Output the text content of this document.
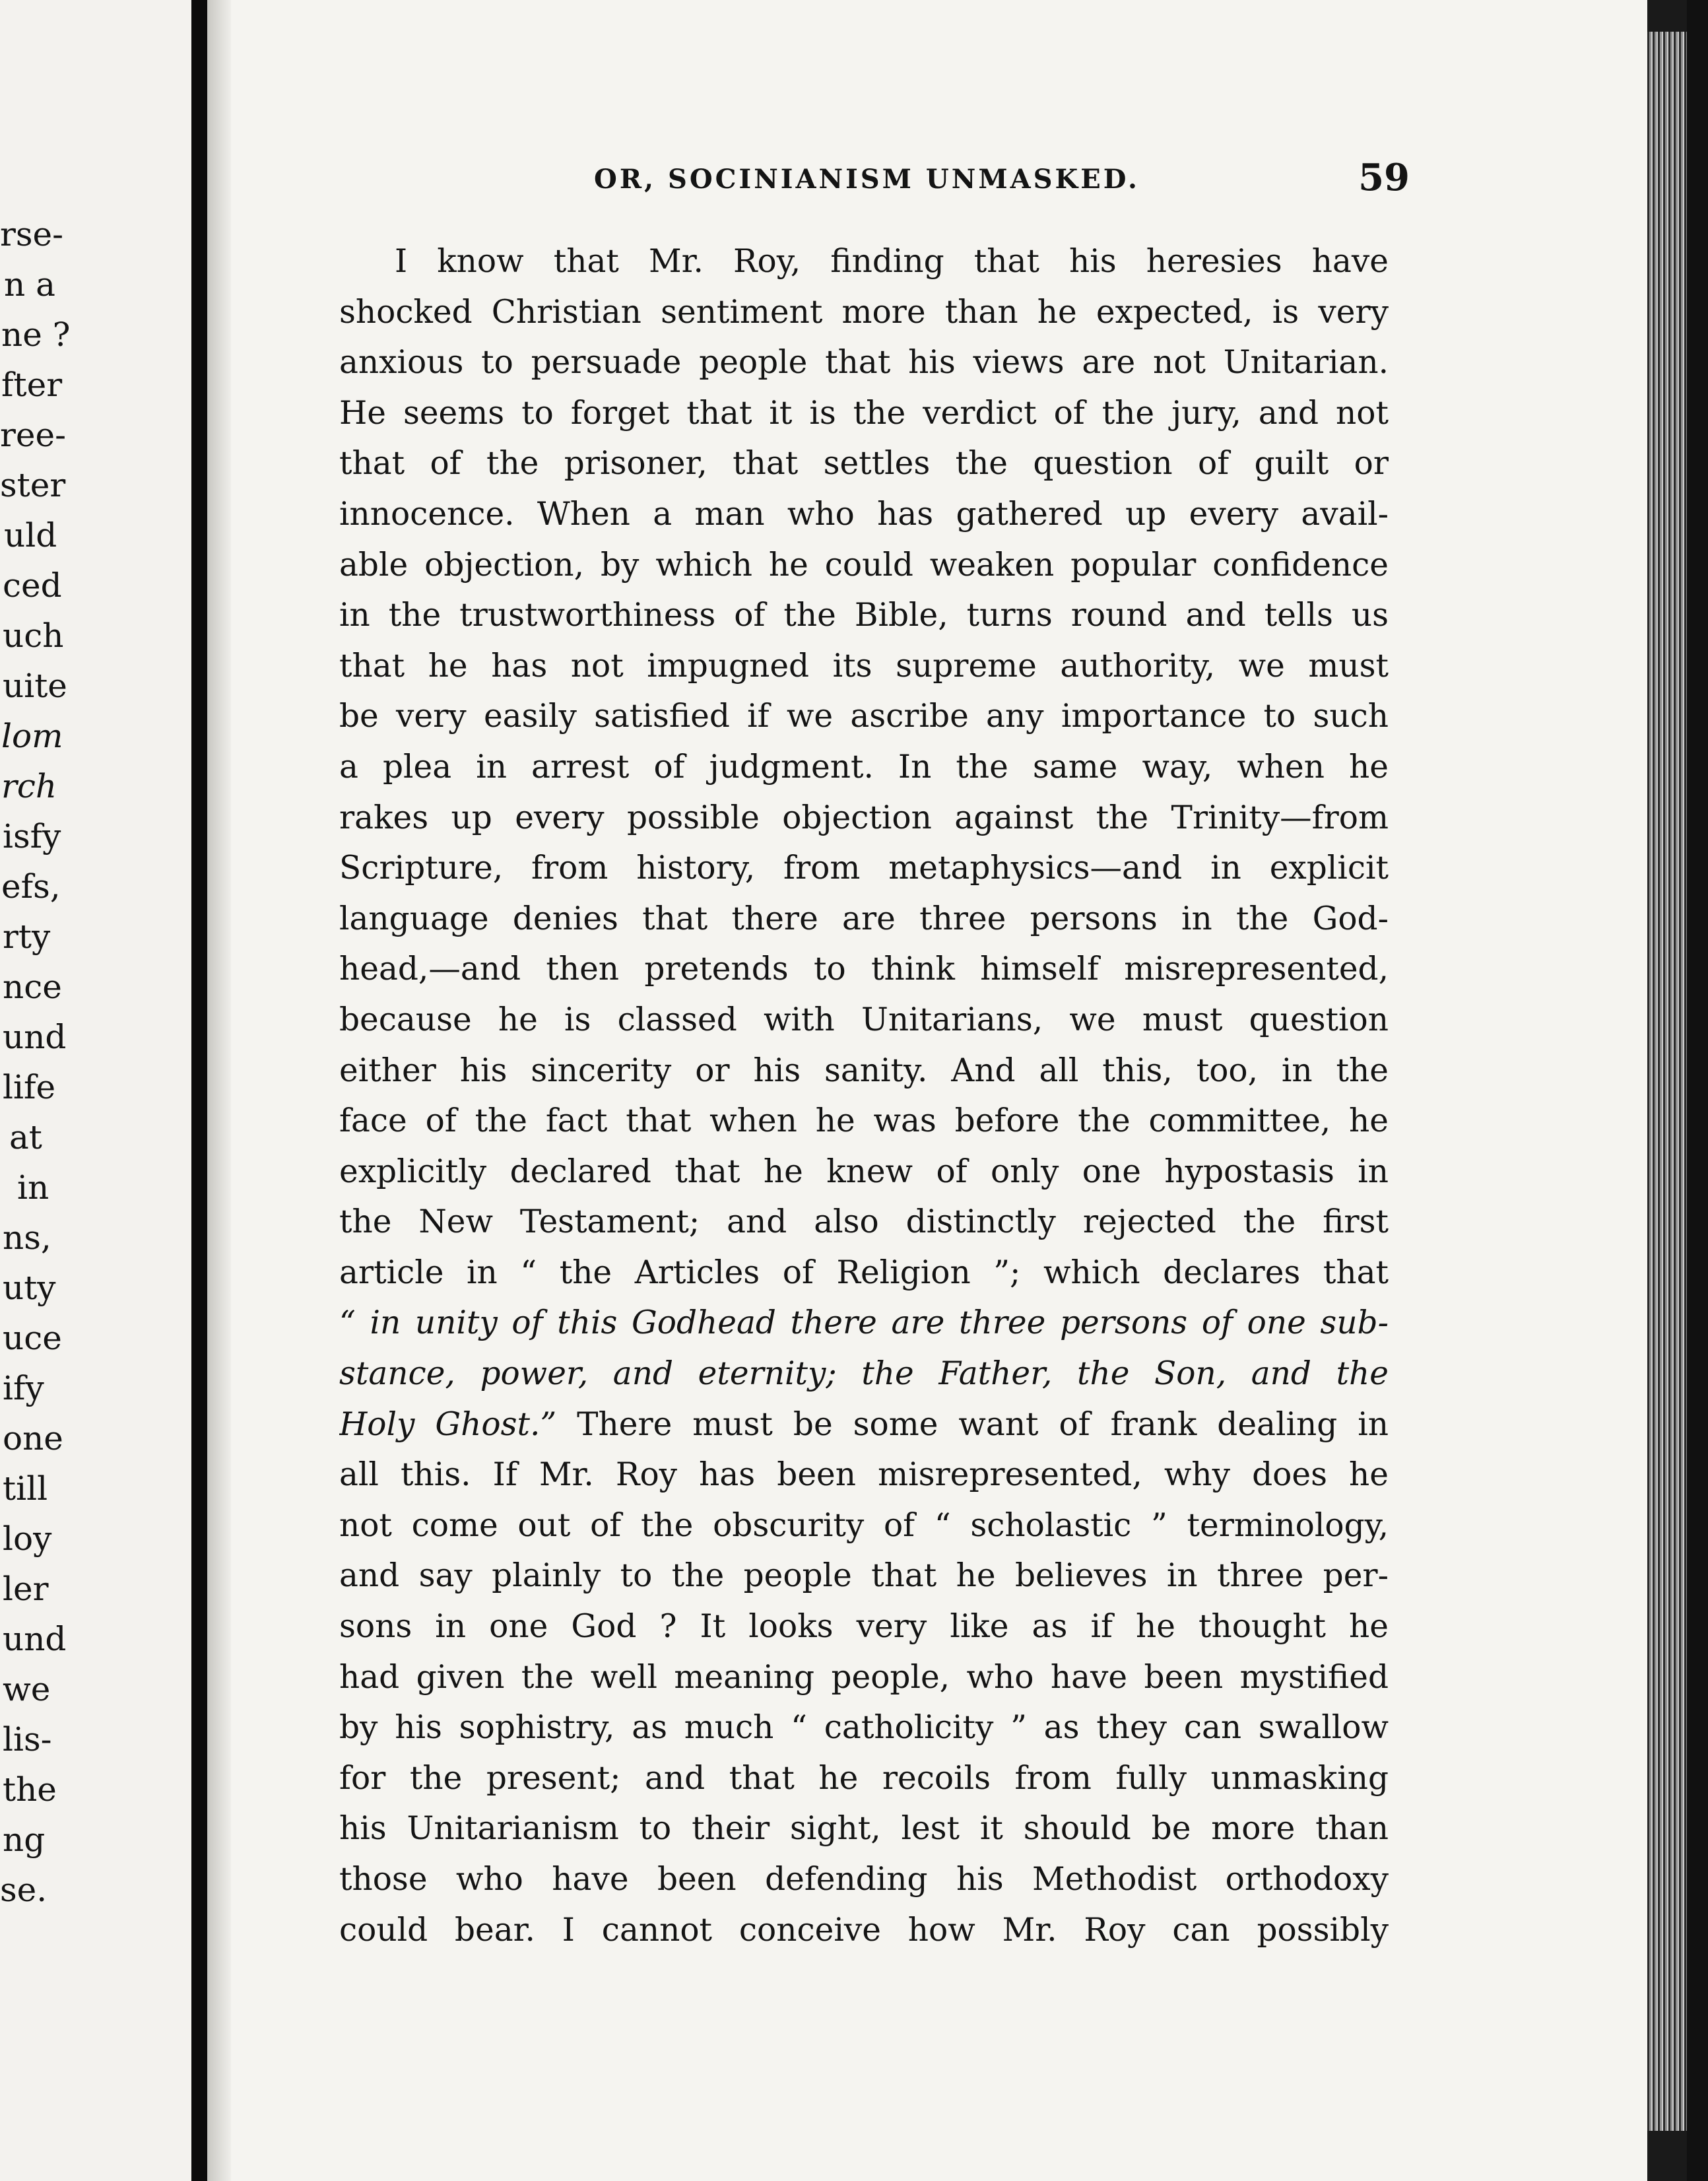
rse-
n a
ne ?
fter
ree-
ster
uld
ced
uch
uite
lom
rch
isfy
efs,
rty
nce
und
life
at
in
ns,
uty
uce
ify
one
till
loy
ler
und
we
lis-
the
ng
se.
OR, SOCINIANISM UNMASKED.	59
I know that Mr. Roy, finding that his heresies have
shocked Christian sentiment more than he expected, is very
anxious to persuade people that his views are not Unitarian.
He seems to forget that it is the verdict of the jury, and not
that of the prisoner, that settles the question of guilt or
innocence. When a man who has gathered up every avail-
able objection, by which he could weaken popular confidence
in the trustworthiness of the Bible, turns round and tells us
that he has not impugned its supreme authority, we must
be very easily satisfied if we ascribe any importance to such
a plea in arrest of judgment. In the same way, when he
rakes up every possible objection against the Trinity—from
Scripture, from history, from metaphysics—and in explicit
language denies that there are three persons in the God-
head,—and then pretends to think himself misrepresented,
because he is classed with Unitarians, we must question
either his sincerity or his sanity. And all this, too, in the
face of the fact that when he was before the committee, he
explicitly declared that he knew of only one hypostasis in
the New Testament; and also distinctly rejected the first
article in “ the Articles of Religion ”; which declares that
“ in unity of this Godhead there are three persons of one sub-
stance, power, and eternity; the Father, the Son, and the
Holy Ghost.” There must be some want of frank dealing in
all this. If Mr. Roy has been misrepresented, why does he
not come out of the obscurity of “ scholastic ” terminology,
and say plainly to the people that he believes in three per-
sons in one God ? It looks very like as if he thought he
had given the well meaning people, who have been mystified
by his sophistry, as much “ catholicity ” as they can swallow
for the present; and that he recoils from fully unmasking
his Unitarianism to their sight, lest it should be more than
those who have been defending his Methodist orthodoxy
could bear. I cannot conceive how Mr. Roy can possibly
